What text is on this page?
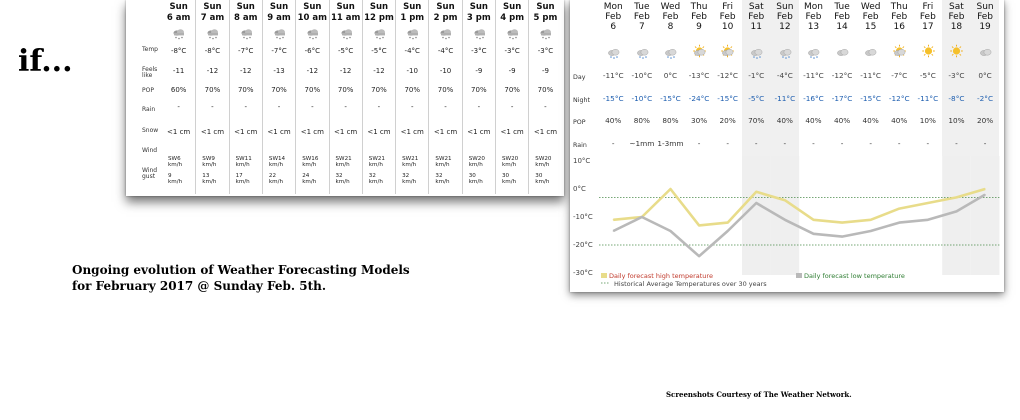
if...	Temp
Feels
like
POP
Rain
Snow
Wind
Wind
gust
Sun
6 am
-8°C
-11
60%
-
<1 cm
SW6
km/h
9
km/h
Sun
7 am
-8°C
-12
70%
-
<1 cm
SW9
km/h
13
km/h
Sun
8 am
-7°C
-12
70%
-
<1 cm
SW11
km/h
17
km/h
Sun
9 am
-7°C
-13
70%
-
<1 cm
SW14
km/h
22
km/h
Sun
10 am
-6°C
-12
70%
-
<1 cm
SW16
km/h
24
km/h
Sun
11 am
-5°C
-12
70%
-
<1 cm
SW21
km/h
32
km/h
Sun
12 pm
-5°C
-12
70%
-
<1 cm
SW21
km/h
32
km/h
Sun
1 pm
-4°C
-10
70%
-
<1 cm
SW21
km/h
32
km/h
Sun
2 pm
-4°C
-10
70%
-
<1 cm
SW21
km/h
32
km/h
Sun
3 pm
-3°C
-9
70%
-
<1 cm
SW20
km/h
30
km/h
Sun
4 pm
-3°C
-9
70%
-
<1 cm
SW20
km/h
30
km/h
Sun
5 pm
-3°C
-9
70%
-
<1 cm
SW20
km/h
30
km/h
Ongoing evolution of Weather Forecasting Models
for February 2017 @ Sunday Feb. 5th.
Screenshots Courtesy of The Weather Network.
Day
Night
POP
Rain
Mon
Feb
6
-11°C
-15°C
40%
-
Tue
Feb
7
-10°C
-10°C
80%
~1mm
Wed
Feb
8
0°C
-15°C
80%
1-3mm
Thu
Feb
9
-13°C
-24°C
30%
-
Fri
Feb
10
-12°C
-15°C
20%
-
Sat
Feb
11
-1°C
-5°C
70%
-
Sun
Feb
12
-4°C
-11°C
40%
-
Mon
Feb
13
-11°C
-16°C
40%
-
Tue
Feb
14
-12°C
-17°C
40%
-
Wed
Feb
15
-11°C
-15°C
40%
-
Thu
Feb
16
-7°C
-12°C
40%
-
Fri
Feb
17
-5°C
-11°C
10%
-
Sat
Feb
18
-3°C
-8°C
10%
-
Sun
Feb
19
0°C
-2°C
20%
-
10°C
0°C
-10°C
-20°C
-30°C Daily forecast high temperature	Daily forecast low temperature
Historical Average Temperatures over 30 years
